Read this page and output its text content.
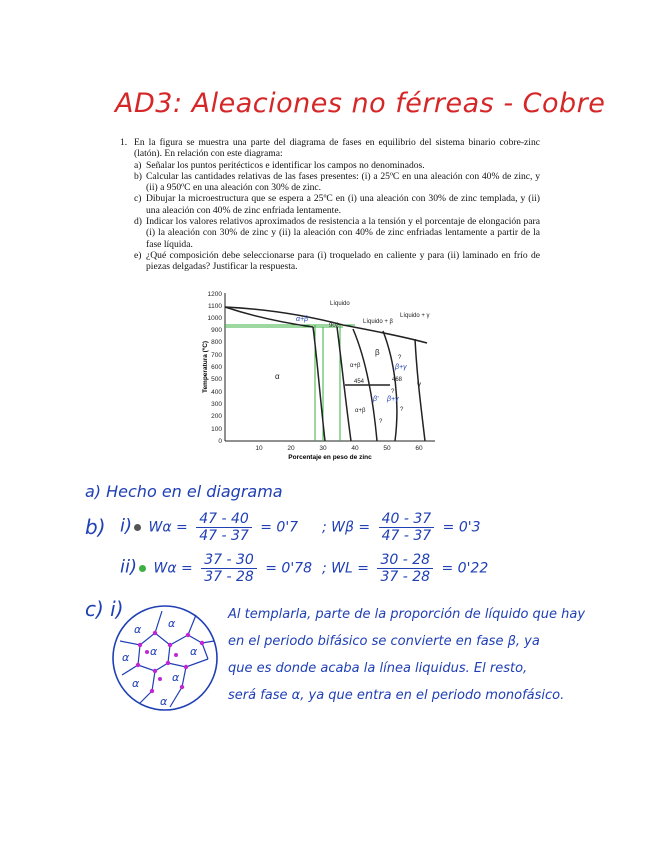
AD3: Aleaciones no férreas - Cobre
1. En la figura se muestra una parte del diagrama de fases en equilibrio del sistema binario cobre-zinc (latón). En relación con este diagrama:
a) Señalar los puntos peritécticos e identificar los campos no denominados.
b) Calcular las cantidades relativas de las fases presentes: (i) a 25ºC en una aleación con 40% de zinc, y (ii) a 950ºC en una aleación con 30% de zinc.
c) Dibujar la microestructura que se espera a 25ºC en (i) una aleación con 30% de zinc templada, y (ii) una aleación con 40% de zinc enfriada lentamente.
d) Indicar los valores relativos aproximados de resistencia a la tensión y el porcentaje de elongación para (i) la aleación con 30% de zinc y (ii) la aleación con 40% de zinc enfriadas lentamente a partir de la fase líquida.
e) ¿Qué composición debe seleccionarse para (i) troquelado en caliente y para (ii) laminado en frío de piezas delgadas? Justificar la respuesta.
0
100
200
300
400
500
600
700
800
900
1000
1100
1200
10	20	30	40	50	60
Temperatura (ºC)
Porcentaje en peso de zinc
Líquido
Líquido + γ
Líquido + β
α
β
γ
α+β
α+β
902
454	468
?
?
?
?
α+β
β+γ
β+γ
β'
a) Hecho en el diagrama
b) i) $W\alpha = \frac{47 - 40}{47 - 37} = 0'7$ ; $W\beta = \frac{40 - 37}{47 - 37} = 0'3$
ii) $W\alpha = \frac{37 - 30}{37 - 28} = 0'78$ ; WL = $\frac{30 - 28}{37 - 28} = 0'22$
c) i)
α α
α α	α
α
α
α
Al templarla, parte de la proporción de líquido que hay
en el periodo bifásico se convierte en fase β, ya
que es donde acaba la línea liquidus. El resto,
será fase α, ya que entra en el periodo monofásico.
